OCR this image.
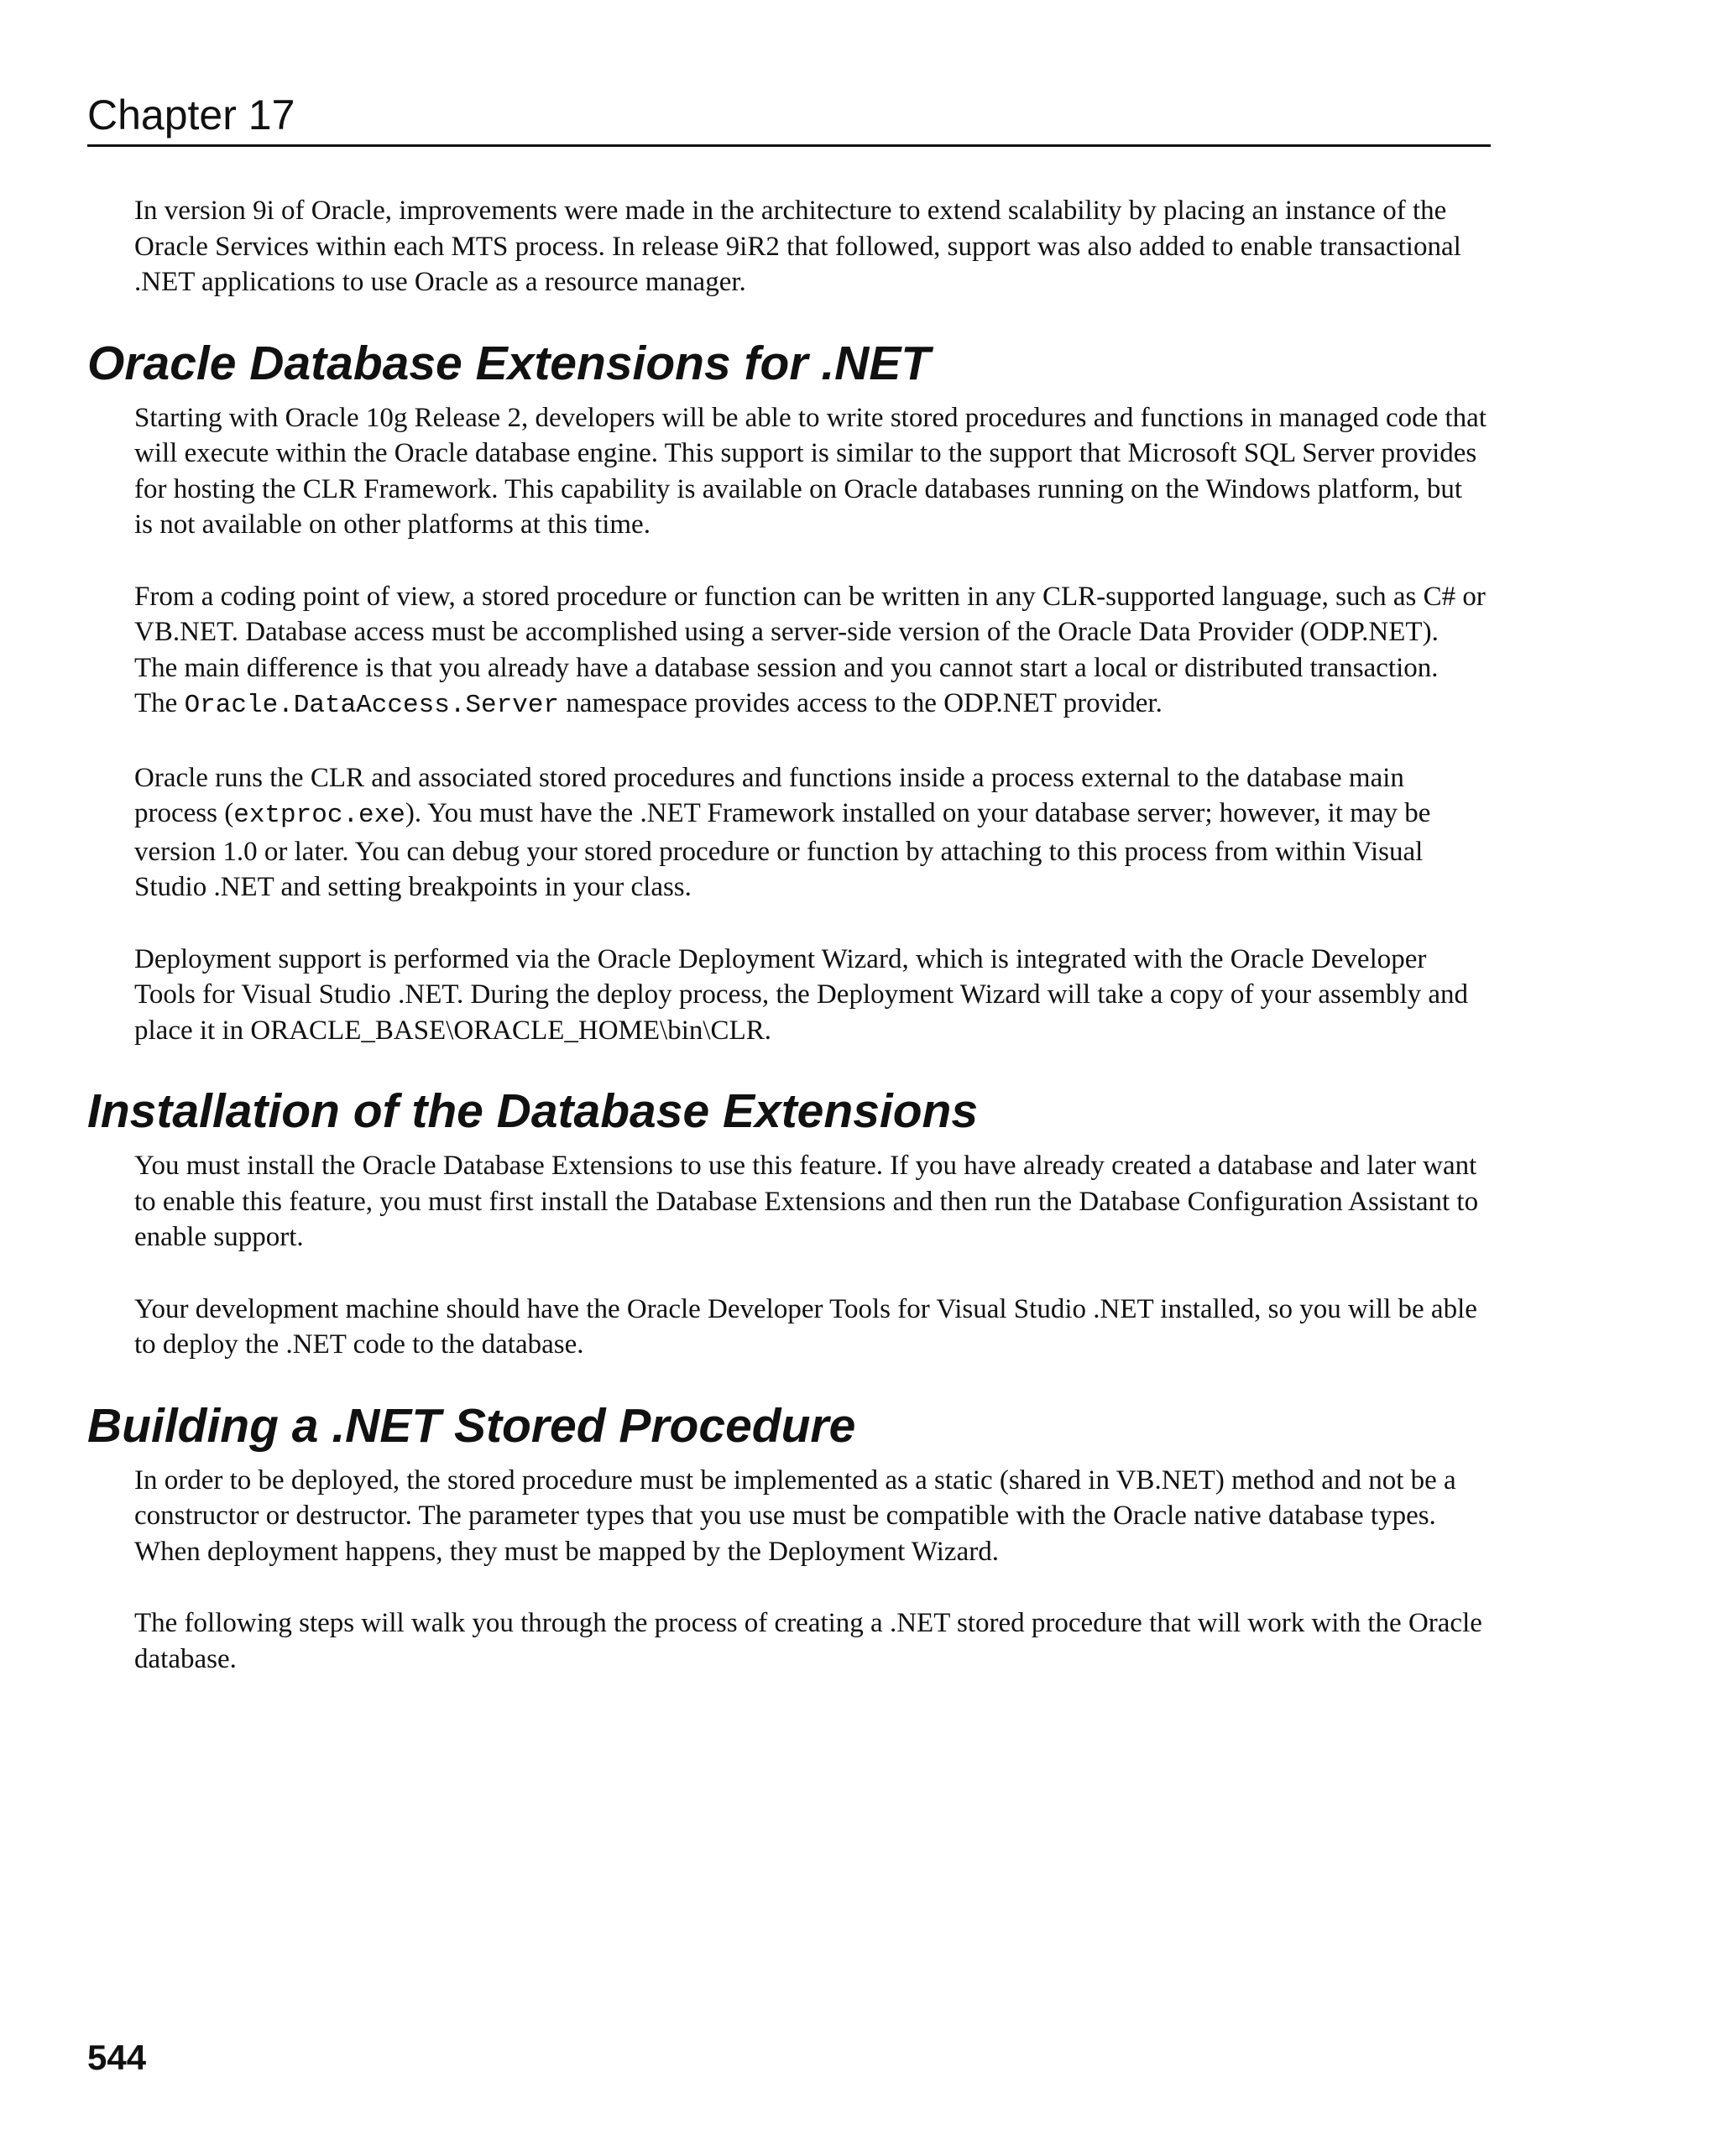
Chapter 17

In version 9i of Oracle, improvements were made in the architecture to extend scalability by placing an instance of the Oracle Services within each MTS process. In release 9iR2 that followed, support was also added to enable transactional .NET applications to use Oracle as a resource manager.

Oracle Database Extensions for .NET

Starting with Oracle 10g Release 2, developers will be able to write stored procedures and functions in managed code that will execute within the Oracle database engine. This support is similar to the support that Microsoft SQL Server provides for hosting the CLR Framework. This capability is available on Oracle databases running on the Windows platform, but is not available on other platforms at this time.

From a coding point of view, a stored procedure or function can be written in any CLR-supported language, such as C# or VB.NET. Database access must be accomplished using a server-side version of the Oracle Data Provider (ODP.NET). The main difference is that you already have a database session and you cannot start a local or distributed transaction. The Oracle.DataAccess.Server namespace provides access to the ODP.NET provider.

Oracle runs the CLR and associated stored procedures and functions inside a process external to the database main process (extproc.exe). You must have the .NET Framework installed on your database server; however, it may be version 1.0 or later. You can debug your stored procedure or function by attaching to this process from within Visual Studio .NET and setting breakpoints in your class.

Deployment support is performed via the Oracle Deployment Wizard, which is integrated with the Oracle Developer Tools for Visual Studio .NET. During the deploy process, the Deployment Wizard will take a copy of your assembly and place it in ORACLE_BASE\ORACLE_HOME\bin\CLR.

Installation of the Database Extensions

You must install the Oracle Database Extensions to use this feature. If you have already created a database and later want to enable this feature, you must first install the Database Extensions and then run the Database Configuration Assistant to enable support.

Your development machine should have the Oracle Developer Tools for Visual Studio .NET installed, so you will be able to deploy the .NET code to the database.

Building a .NET Stored Procedure

In order to be deployed, the stored procedure must be implemented as a static (shared in VB.NET) method and not be a constructor or destructor. The parameter types that you use must be compatible with the Oracle native database types. When deployment happens, they must be mapped by the Deployment Wizard.

The following steps will walk you through the process of creating a .NET stored procedure that will work with the Oracle database.

544
